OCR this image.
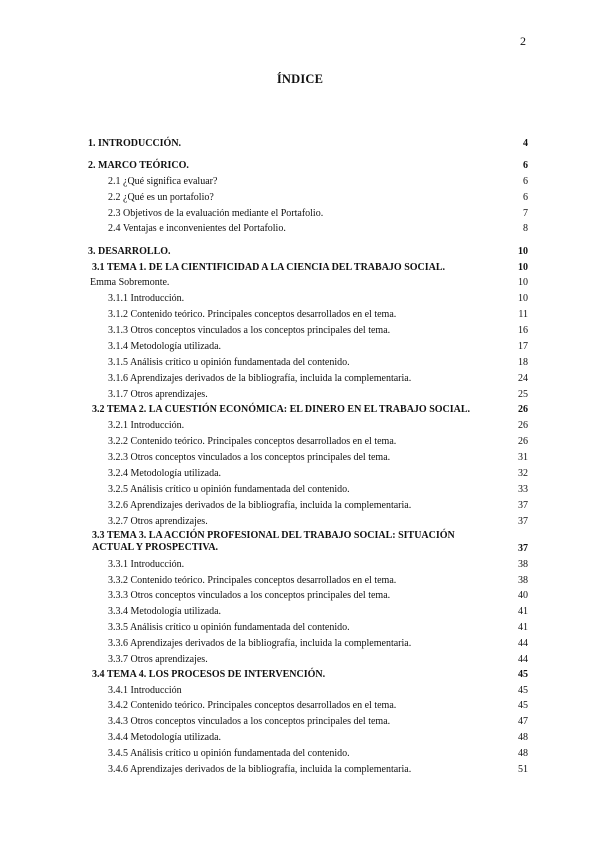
2
ÍNDICE
1. INTRODUCCIÓN.	4
2. MARCO TEÓRICO.	6
2.1 ¿Qué significa evaluar?	6
2.2 ¿Qué es un portafolio?	6
2.3 Objetivos de la evaluación mediante el Portafolio.	7
2.4 Ventajas e inconvenientes del Portafolio.	8
3. DESARROLLO.	10
3.1 TEMA 1. DE LA CIENTIFICIDAD A LA CIENCIA DEL TRABAJO SOCIAL.	10
Emma Sobremonte.	10
3.1.1 Introducción.	10
3.1.2 Contenido teórico. Principales conceptos desarrollados en el tema.	11
3.1.3 Otros conceptos vinculados a los conceptos principales del tema.	16
3.1.4 Metodología utilizada.	17
3.1.5 Análisis crítico u opinión fundamentada del contenido.	18
3.1.6 Aprendizajes derivados de la bibliografía, incluida la complementaria.	24
3.1.7 Otros aprendizajes.	25
3.2 TEMA 2. LA CUESTIÓN ECONÓMICA: EL DINERO EN EL TRABAJO SOCIAL.	26
3.2.1 Introducción.	26
3.2.2 Contenido teórico. Principales conceptos desarrollados en el tema.	26
3.2.3 Otros conceptos vinculados a los conceptos principales del tema.	31
3.2.4 Metodología utilizada.	32
3.2.5 Análisis crítico u opinión fundamentada del contenido.	33
3.2.6 Aprendizajes derivados de la bibliografía, incluida la complementaria.	37
3.2.7 Otros aprendizajes.	37
3.3 TEMA 3. LA ACCIÓN PROFESIONAL DEL TRABAJO SOCIAL: SITUACIÓN ACTUAL Y PROSPECTIVA.	37
3.3.1 Introducción.	38
3.3.2 Contenido teórico. Principales conceptos desarrollados en el tema.	38
3.3.3 Otros conceptos vinculados a los conceptos principales del tema.	40
3.3.4 Metodología utilizada.	41
3.3.5 Análisis crítico u opinión fundamentada del contenido.	41
3.3.6 Aprendizajes derivados de la bibliografía, incluida la complementaria.	44
3.3.7 Otros aprendizajes.	44
3.4 TEMA 4. LOS PROCESOS DE INTERVENCIÓN.	45
3.4.1 Introducción	45
3.4.2 Contenido teórico. Principales conceptos desarrollados en el tema.	45
3.4.3 Otros conceptos vinculados a los conceptos principales del tema.	47
3.4.4 Metodología utilizada.	48
3.4.5 Análisis crítico u opinión fundamentada del contenido.	48
3.4.6 Aprendizajes derivados de la bibliografía, incluida la complementaria.	51
